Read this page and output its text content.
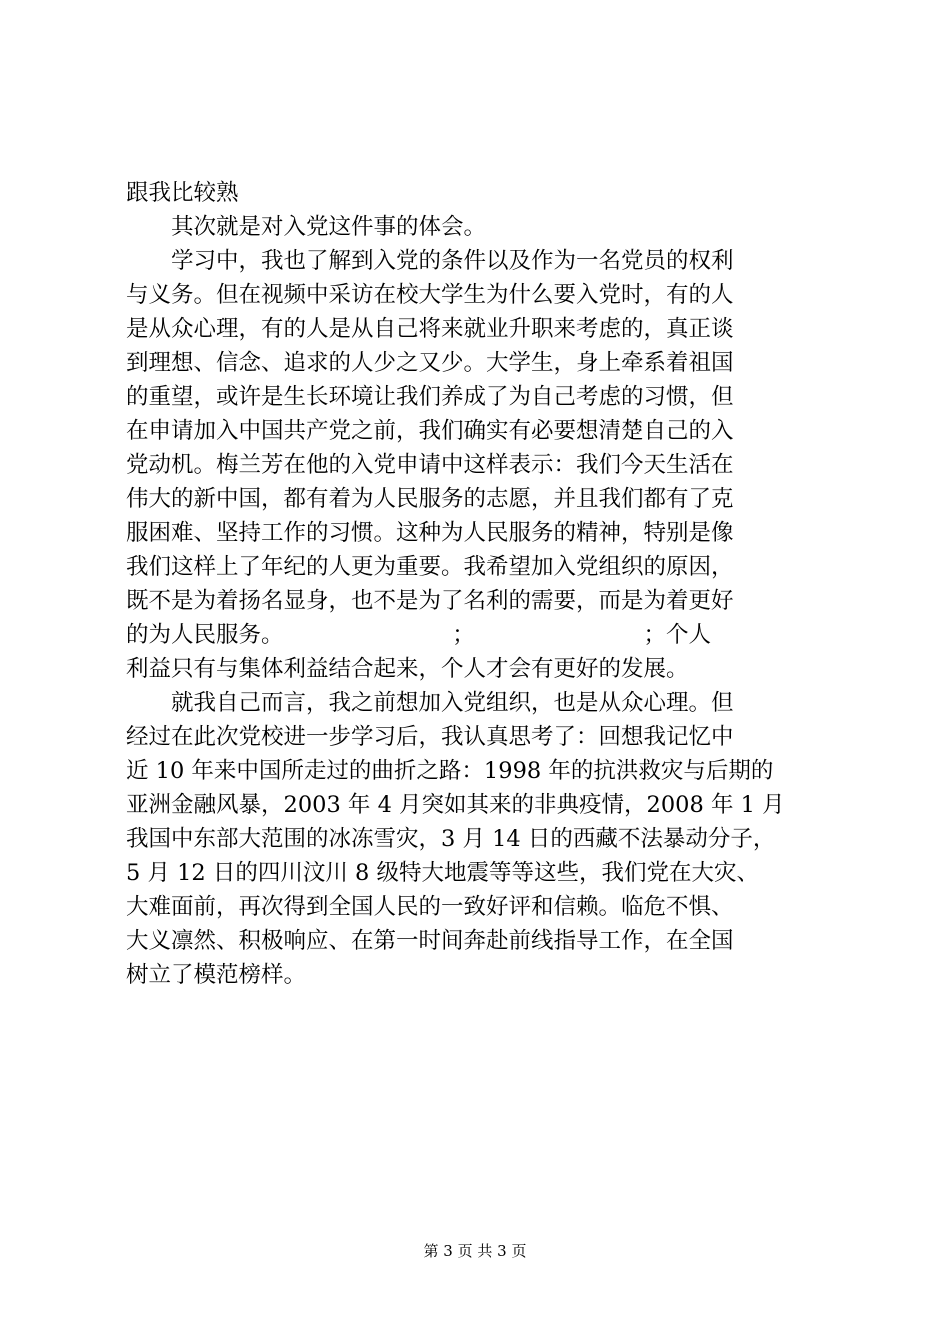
跟我比较熟
　　其次就是对入党这件事的体会。
　　学习中，我也了解到入党的条件以及作为一名党员的权利
与义务。但在视频中采访在校大学生为什么要入党时，有的人
是从众心理，有的人是从自己将来就业升职来考虑的，真正谈
到理想、信念、追求的人少之又少。大学生，身上牵系着祖国
的重望，或许是生长环境让我们养成了为自己考虑的习惯，但
在申请加入中国共产党之前，我们确实有必要想清楚自己的入
党动机。梅兰芳在他的入党申请中这样表示：我们今天生活在
伟大的新中国，都有着为人民服务的志愿，并且我们都有了克
服困难、坚持工作的习惯。这种为人民服务的精神，特别是像
我们这样上了年纪的人更为重要。我希望加入党组织的原因，
既不是为着扬名显身，也不是为了名利的需要，而是为着更好
的为人民服务。　　　　　　　　；　　　　　　　　；个人
利益只有与集体利益结合起来，个人才会有更好的发展。
　　就我自己而言，我之前想加入党组织，也是从众心理。但
经过在此次党校进一步学习后，我认真思考了：回想我记忆中
近 10 年来中国所走过的曲折之路：1998 年的抗洪救灾与后期的
亚洲金融风暴，2003 年 4 月突如其来的非典疫情，2008 年 1 月
我国中东部大范围的冰冻雪灾，3 月 14 日的西藏不法暴动分子，
5 月 12 日的四川汶川 8 级特大地震等等这些，我们党在大灾、
大难面前，再次得到全国人民的一致好评和信赖。临危不惧、
大义凛然、积极响应、在第一时间奔赴前线指导工作，在全国
树立了模范榜样。
第 3 页 共 3 页
